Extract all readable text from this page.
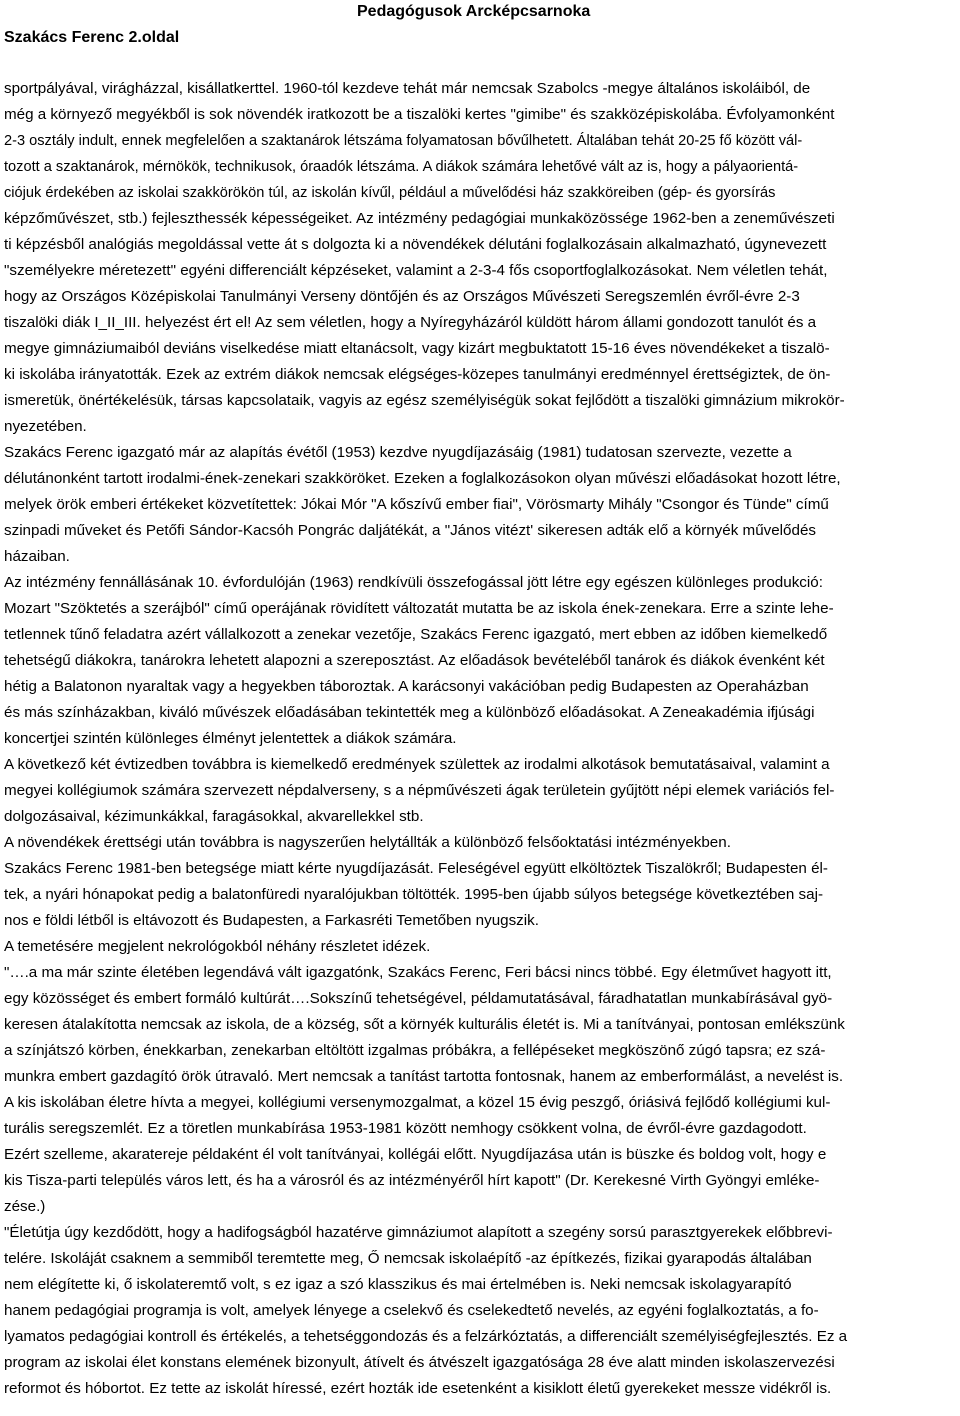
Szakács Ferenc 2.oldal
Pedagógusok Arcképcsarnoka
sportpályával, virágházzal, kisállatkerttel. 1960-tól kezdeve tehát már nemcsak Szabolcs -megye általános iskoláiból, de
még a környező megyékből is sok növendék iratkozott be a tiszalöki kertes "gimibe" és szakközépiskolába. Évfolyamonként
2-3 osztály indult, ennek megfelelően a szaktanárok létszáma folyamatosan bővűlhetett. Általában tehát 20-25 fő között vál-
tozott a szaktanárok, mérnökök, technikusok, óraadók létszáma. A diákok számára lehetővé vált az is, hogy a pályaorientá-
ciójuk érdekében az iskolai szakkörökön túl, az iskolán kívűl, például a művelődési ház szakköreiben (gép- és gyorsírás
képzőművészet, stb.) fejleszthessék képességeiket. Az intézmény pedagógiai munkaközössége 1962-ben a zeneművészeti
ti képzésből analógiás megoldással vette át s dolgozta ki a növendékek délutáni foglalkozásain alkalmazható, úgynevezett
"személyekre méretezett" egyéni differenciált képzéseket, valamint a 2-3-4 fős csoportfoglalkozásokat. Nem véletlen tehát,
hogy az Országos Középiskolai Tanulmányi Verseny döntőjén és az Országos Művészeti Seregszemlén évről-évre 2-3
tiszalöki diák I_II_III. helyezést ért el! Az sem véletlen, hogy a Nyíregyházáról küldött három állami gondozott tanulót és a
megye gimnáziumaiból deviáns viselkedése miatt eltanácsolt, vagy kizárt megbuktatott 15-16 éves növendékeket a tiszalö-
ki iskolába irányatották. Ezek az extrém diákok nemcsak elégséges-közepes tanulmányi eredménnyel érettségiztek, de ön-
ismeretük, önértékelésük, társas kapcsolataik, vagyis az egész személyiségük sokat fejlődött a tiszalöki gimnázium mikrokör-
nyezetében.
Szakács Ferenc igazgató már az alapítás évétől (1953) kezdve nyugdíjazásáig (1981) tudatosan szervezte, vezette a
délutánonként tartott irodalmi-ének-zenekari szakköröket. Ezeken a foglalkozásokon olyan művészi előadásokat hozott létre,
melyek örök emberi értékeket közvetítettek: Jókai Mór "A kőszívű ember fiai", Vörösmarty Mihály "Csongor és Tünde" című
szinpadi műveket és Petőfi Sándor-Kacsóh Pongrác daljátékát, a "János vitézt' sikeresen adták elő a környék művelődés
házaiban.
Az intézmény fennállásának 10. évfordulóján (1963) rendkívüli összefogással jött létre egy egészen különleges produkció:
Mozart "Szöktetés a szerájból" című operájának rövidített változatát mutatta be az iskola ének-zenekara. Erre a szinte lehe-
tetlennek tűnő feladatra azért vállalkozott a zenekar vezetője, Szakács Ferenc igazgató, mert ebben az időben kiemelkedő
tehetségű diákokra, tanárokra lehetett alapozni a szereposztást. Az előadások bevételéből tanárok és diákok évenként két
hétig a Balatonon nyaraltak vagy a hegyekben táboroztak. A karácsonyi vakációban pedig Budapesten az Operaházban
és más színházakban, kiváló művészek előadásában tekintették meg a különböző előadásokat. A Zeneakadémia ifjúsági
koncertjei szintén különleges élményt jelentettek a diákok számára.
A következő két évtizedben továbbra is kiemelkedő eredmények születtek az irodalmi alkotások bemutatásaival, valamint a
megyei kollégiumok számára szervezett népdalverseny, s a népművészeti ágak területein gyűjtött népi elemek variációs fel-
dolgozásaival, kézimunkákkal, faragásokkal, akvarellekkel stb.
A növendékek érettségi után továbbra is nagyszerűen helytállták a különböző felsőoktatási intézményekben.
Szakács Ferenc 1981-ben betegsége miatt kérte nyugdíjazását. Feleségével együtt elköltöztek Tiszalökről; Budapesten él-
tek, a nyári hónapokat pedig a balatonfüredi nyaralójukban töltötték. 1995-ben újabb súlyos betegsége következtében saj-
nos e földi létből is eltávozott és Budapesten, a Farkasréti Temetőben nyugszik.
A temetésére megjelent nekrológokból néhány részletet idézek.
"….a ma már szinte életében legendává vált igazgatónk, Szakács Ferenc, Feri bácsi nincs többé. Egy életművet hagyott itt,
egy közösséget és embert formáló kultúrát….Sokszínű tehetségével, példamutatásával, fáradhatatlan munkabírásával gyö-
keresen átalakította nemcsak az iskola, de a község, sőt a környék kulturális életét is. Mi a tanítványai, pontosan emlékszünk
a színjátszó körben, énekkarban, zenekarban eltöltött izgalmas próbákra, a fellépéseket megköszönő zúgó tapsra; ez szá-
munkra embert gazdagító örök útravaló. Mert nemcsak a tanítást tartotta fontosnak, hanem az emberformálást, a nevelést is.
A kis iskolában életre hívta a megyei, kollégiumi versenymozgalmat, a közel 15 évig peszgő, óriásivá fejlődő kollégiumi kul-
turális seregszemlét. Ez a töretlen munkabírása 1953-1981 között nemhogy csökkent volna, de évről-évre gazdagodott.
Ezért szelleme, akaratereje példaként él volt tanítványai, kollégái előtt. Nyugdíjazása után is büszke és boldog volt, hogy e
kis Tisza-parti település város lett, és ha a városról és az intézményéről hírt kapott" (Dr. Kerekesné Virth Gyöngyi emléke-
zése.)
"Életútja úgy kezdődött, hogy a hadifogságból hazatérve gimnáziumot alapított a szegény sorsú parasztgyerekek előbbrevi-
telére. Iskoláját csaknem a semmiből teremtette meg, Ő nemcsak iskolaépítő -az építkezés, fizikai gyarapodás általában
nem elégítette ki, ő iskolateremtő volt, s ez igaz a szó klasszikus és mai értelmében is. Neki nemcsak iskolagyarapító
hanem pedagógiai programja is volt, amelyek lényege a cselekvő és cselekedtető nevelés, az egyéni foglalkoztatás, a fo-
lyamatos pedagógiai kontroll és értékelés, a tehetséggondozás és a felzárkóztatás, a differenciált személyiségfejlesztés. Ez a
program az iskolai élet konstans elemének bizonyult, átívelt és átvészelt igazgatósága 28 éve alatt minden iskolaszervezési
reformot és hóbortot. Ez tette az iskolát híressé, ezért hozták ide esetenként a kisiklott életű gyerekeket messze vidékről is.
